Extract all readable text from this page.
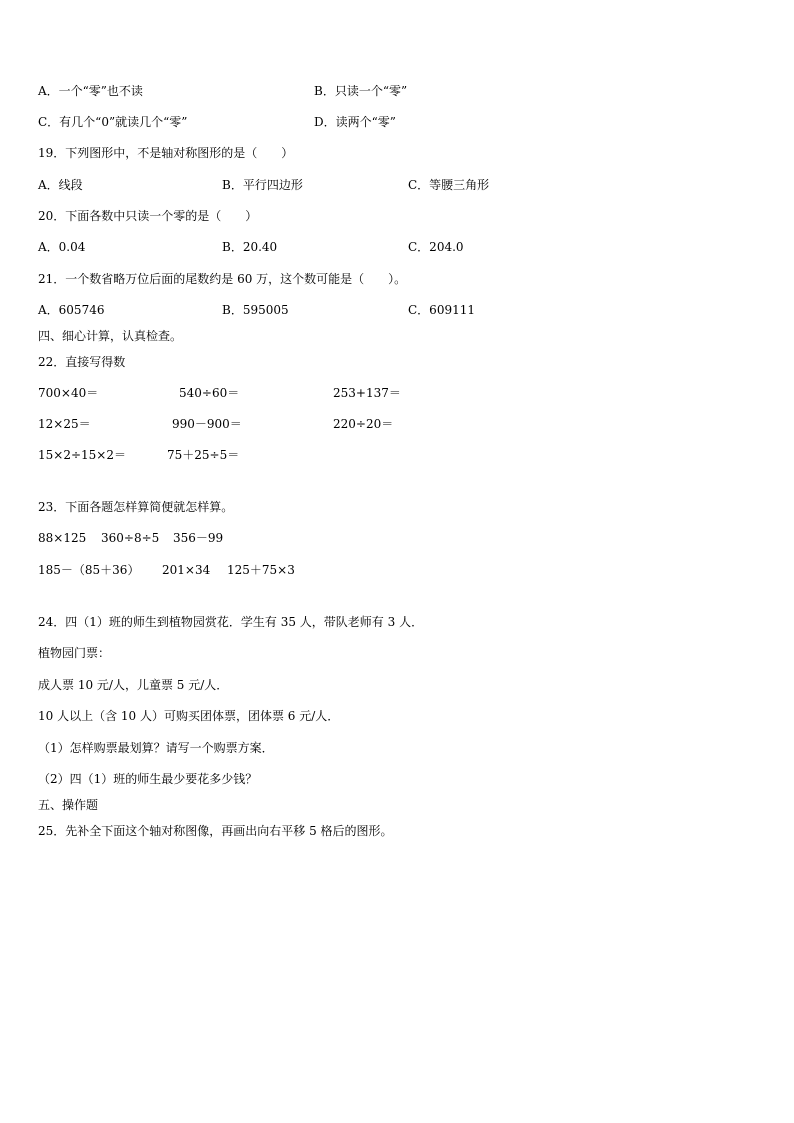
A．一个“零”也不读	B．只读一个“零”
C．有几个“0”就读几个“零”	D．读两个“零”
19．下列图形中，不是轴对称图形的是（　　）
A．线段	B．平行四边形	C．等腰三角形
20．下面各数中只读一个零的是（　　）
A．0.04	B．20.40	C．204.0
21．一个数省略万位后面的尾数约是 60 万，这个数可能是（　　）。
A．605746	B．595005	C．609111
四、细心计算，认真检查。
22．直接写得数
700×40＝	540÷60＝	253+137＝
12×25＝	990－900＝	220÷20＝
15×2÷15×2＝	75＋25÷5＝
23．下面各题怎样算简便就怎样算。
88×125 360÷8÷5 356－99
185－（85＋36） 201×34 125＋75×3
24．四（1）班的师生到植物园赏花．学生有 35 人，带队老师有 3 人．
植物园门票：
成人票 10 元/人，儿童票 5 元/人．
10 人以上（含 10 人）可购买团体票，团体票 6 元/人．
（1）怎样购票最划算？请写一个购票方案．
（2）四（1）班的师生最少要花多少钱？
五、操作题
25．先补全下面这个轴对称图像，再画出向右平移 5 格后的图形。
